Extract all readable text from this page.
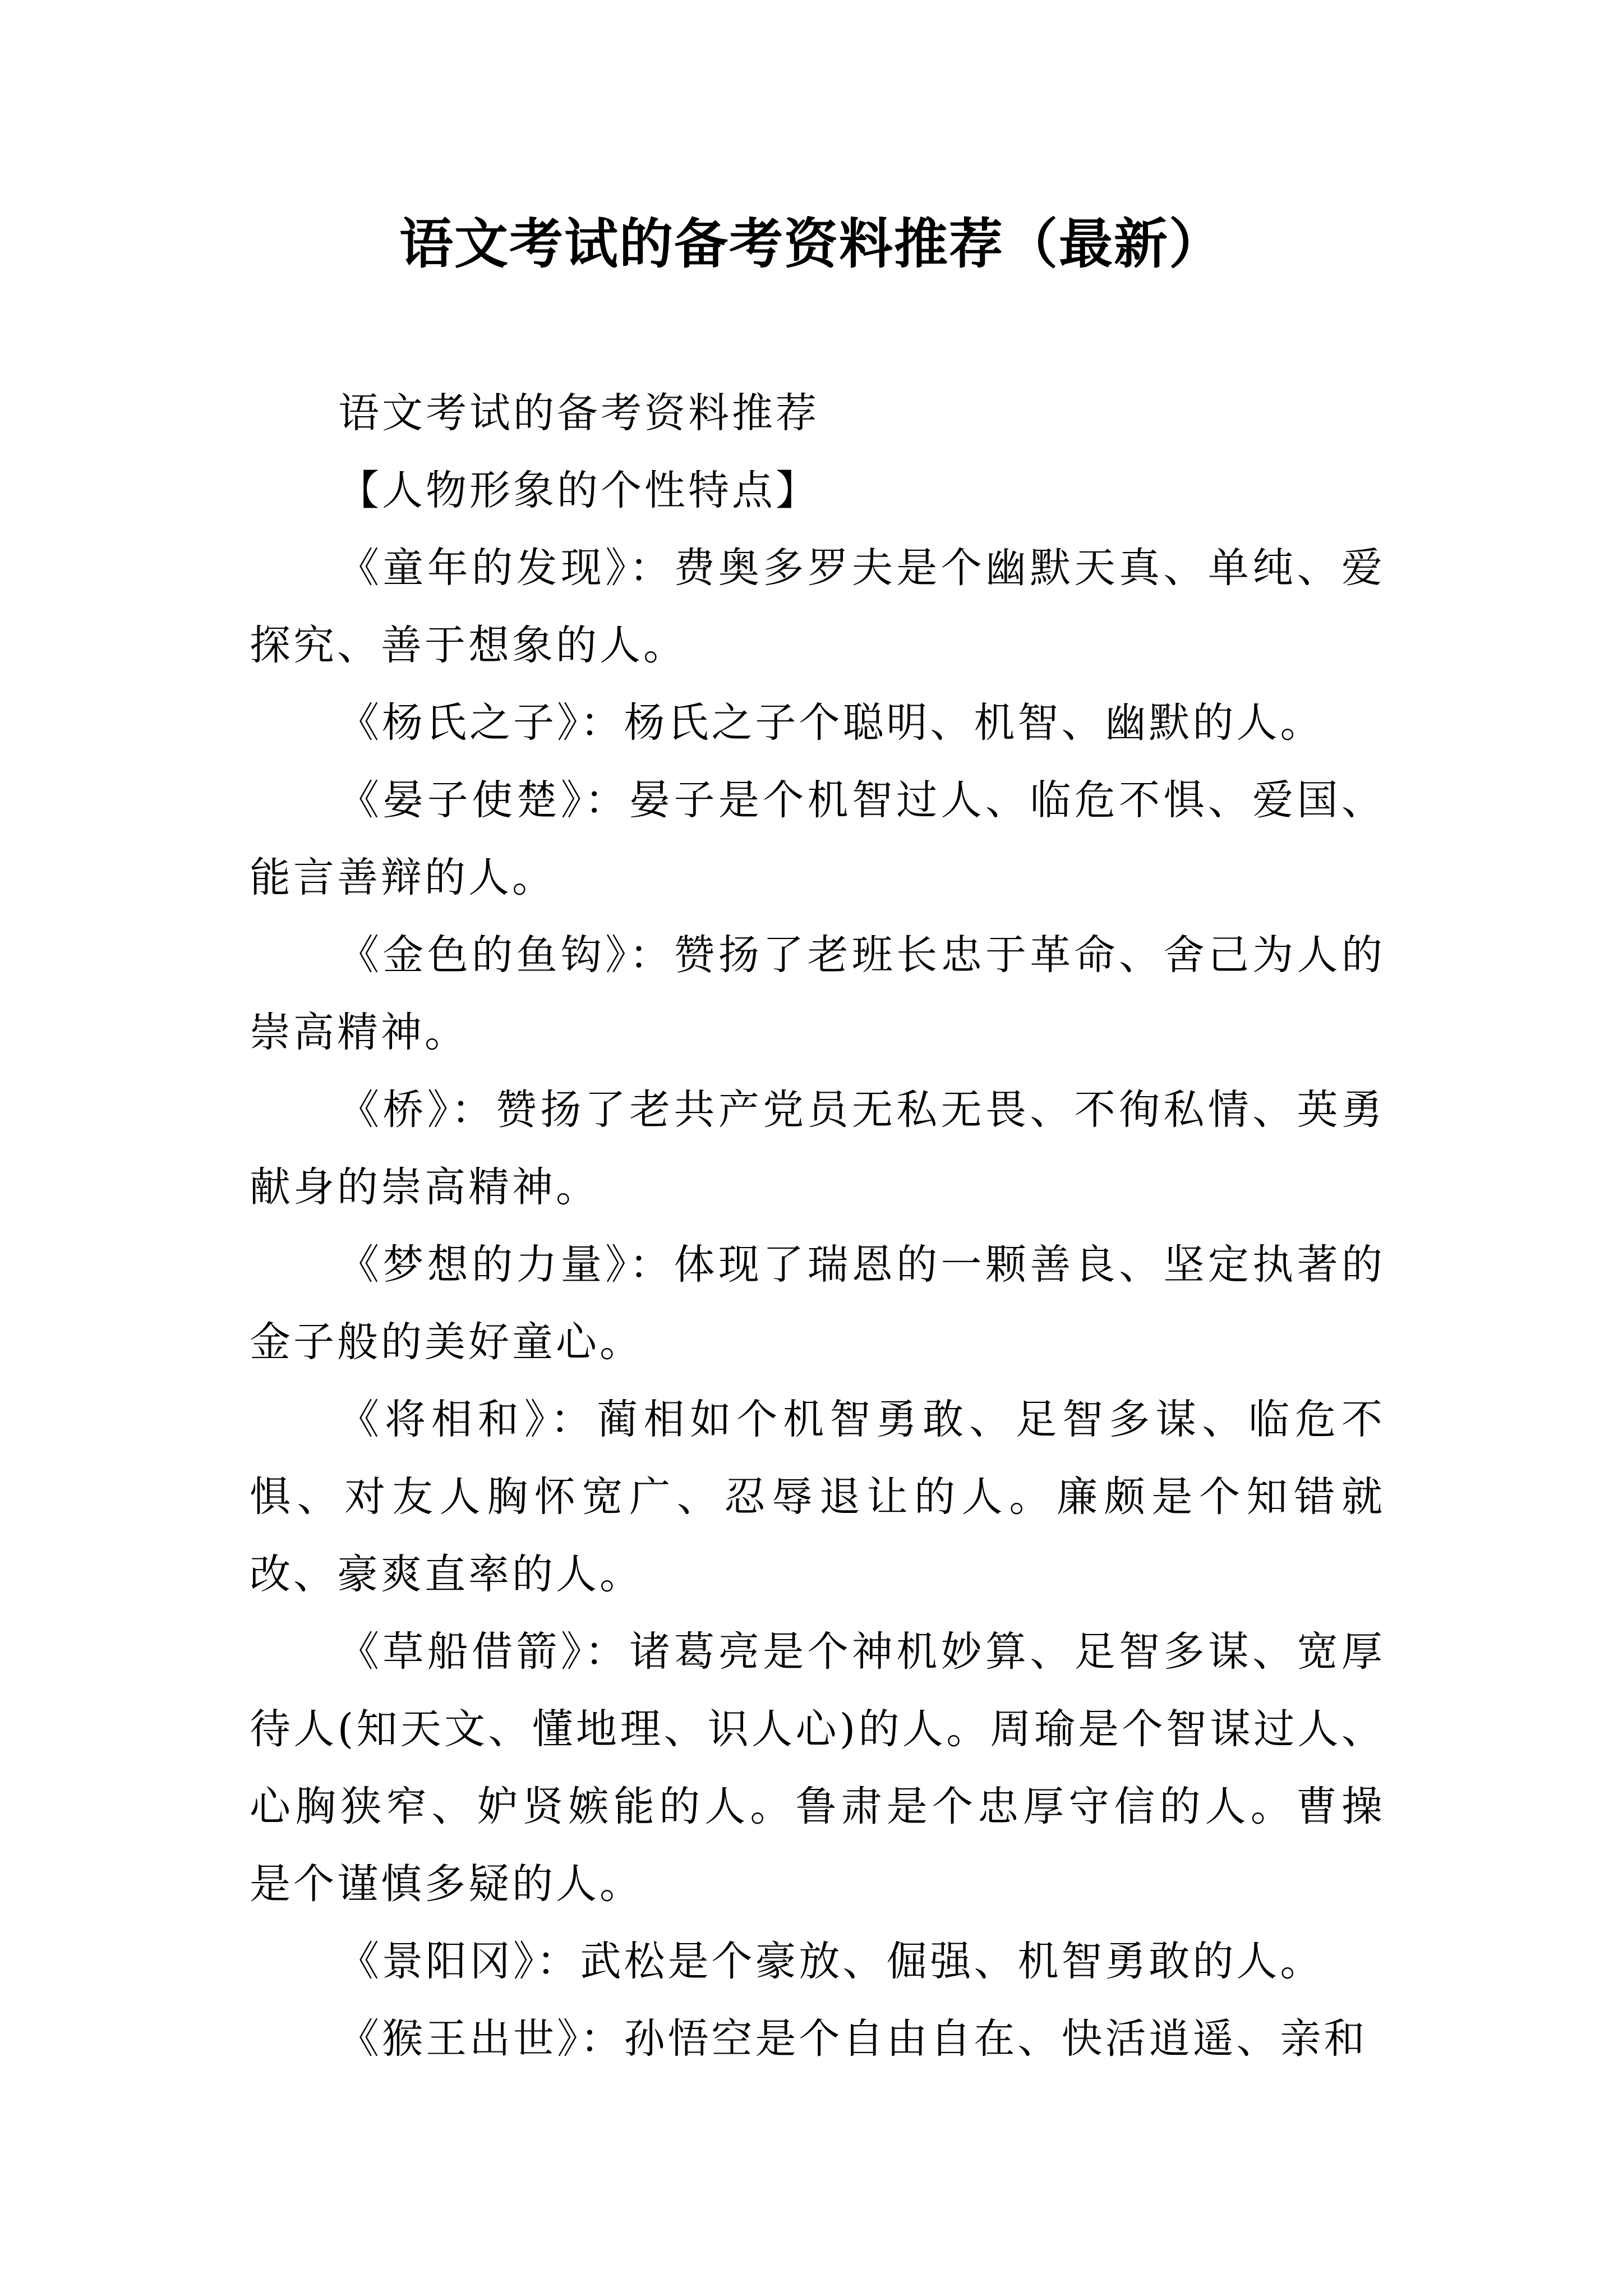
语文考试的备考资料推荐（最新）

语文考试的备考资料推荐

【人物形象的个性特点】

《童年的发现》：费奥多罗夫是个幽默天真、单纯、爱探究、善于想象的人。

《杨氏之子》：杨氏之子个聪明、机智、幽默的人。

《晏子使楚》：晏子是个机智过人、临危不惧、爱国、能言善辩的人。

《金色的鱼钩》：赞扬了老班长忠于革命、舍己为人的崇高精神。

《桥》：赞扬了老共产党员无私无畏、不徇私情、英勇献身的崇高精神。

《梦想的力量》：体现了瑞恩的一颗善良、坚定执著的金子般的美好童心。

《将相和》：蔺相如个机智勇敢、足智多谋、临危不惧、对友人胸怀宽广、忍辱退让的人。廉颇是个知错就改、豪爽直率的人。

《草船借箭》：诸葛亮是个神机妙算、足智多谋、宽厚待人(知天文、懂地理、识人心)的人。周瑜是个智谋过人、心胸狭窄、妒贤嫉能的人。鲁肃是个忠厚守信的人。曹操是个谨慎多疑的人。

《景阳冈》：武松是个豪放、倔强、机智勇敢的人。

《猴王出世》：孙悟空是个自由自在、快活逍遥、亲和
